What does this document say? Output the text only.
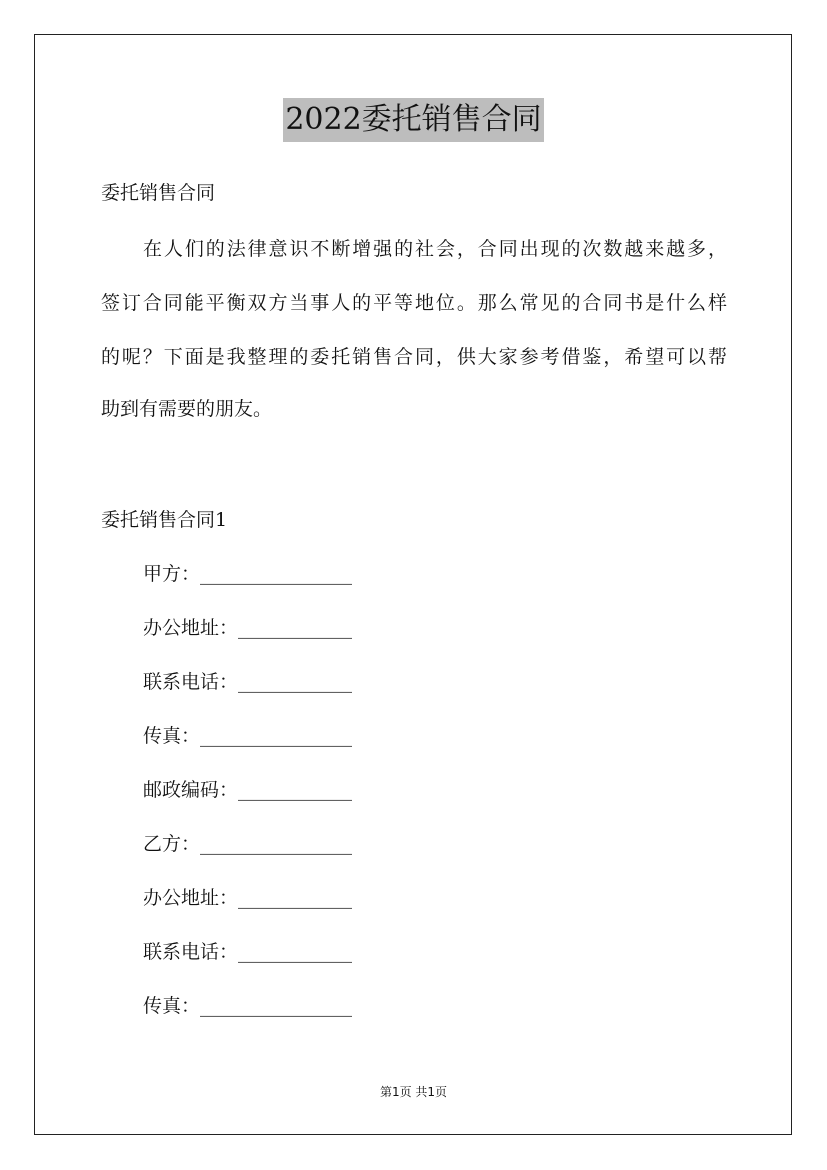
2022委托销售合同
委托销售合同
在人们的法律意识不断增强的社会，合同出现的次数越来越多，
签订合同能平衡双方当事人的平等地位。那么常见的合同书是什么样
的呢？下面是我整理的委托销售合同，供大家参考借鉴，希望可以帮
助到有需要的朋友。
委托销售合同1
甲方：________________
办公地址：____________
联系电话：____________
传真：________________
邮政编码：____________
乙方：________________
办公地址：____________
联系电话：____________
传真：________________
第1页 共1页
